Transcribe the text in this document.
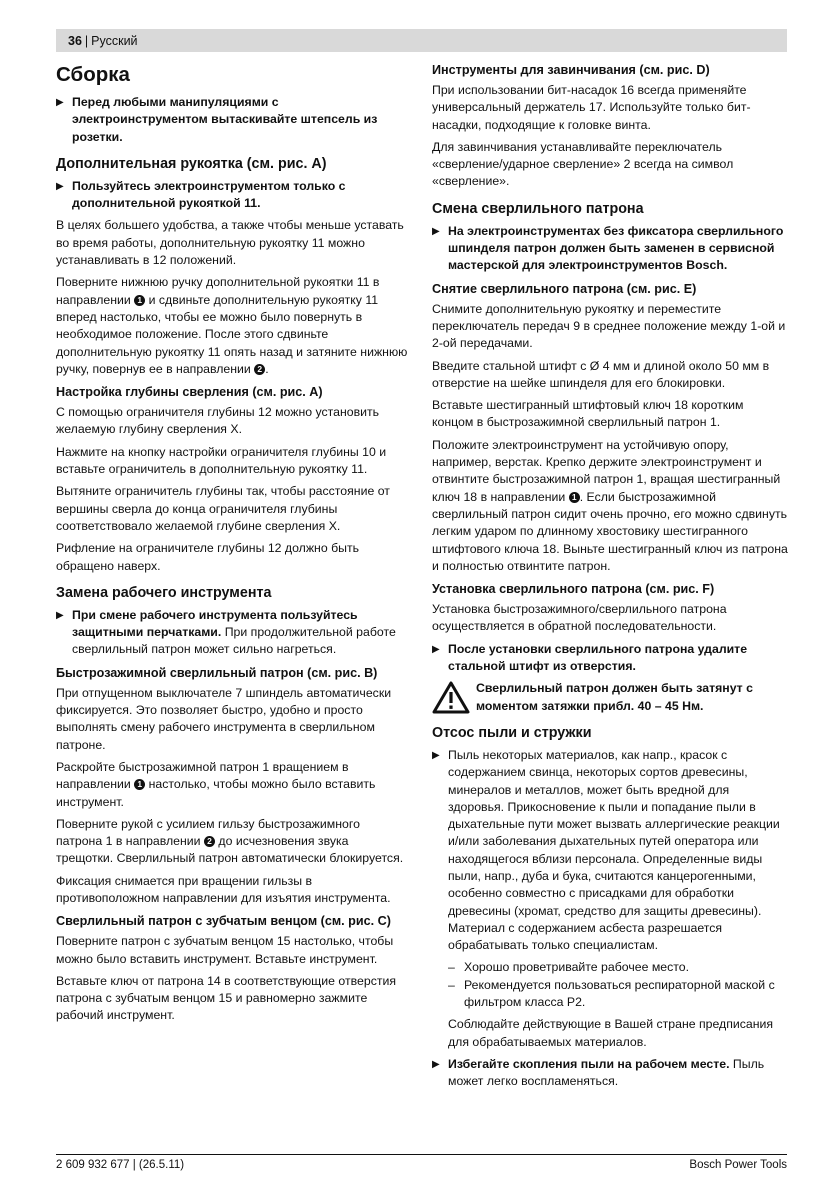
36 | Русский
Сборка
▶ Перед любыми манипуляциями с электроинструментом вытаскивайте штепсель из розетки.
Дополнительная рукоятка (см. рис. A)
▶ Пользуйтесь электроинструментом только с дополнительной рукояткой 11.

В целях большего удобства, а также чтобы меньше уставать во время работы, дополнительную рукоятку 11 можно устанавливать в 12 положений.

Поверните нижнюю ручку дополнительной рукоятки 11 в направлении 1 и сдвиньте дополнительную рукоятку 11 вперед настолько, чтобы ее можно было повернуть в необходимое положение. После этого сдвиньте дополнительную рукоятку 11 опять назад и затяните нижнюю ручку, повернув ее в направлении 2 .

Настройка глубины сверления (см. рис. A)

С помощью ограничителя глубины 12 можно установить желаемую глубину сверления X.

Нажмите на кнопку настройки ограничителя глубины 10 и вставьте ограничитель в дополнительную рукоятку 11.

Вытяните ограничитель глубины так, чтобы расстояние от вершины сверла до конца ограничителя глубины соответствовало желаемой глубине сверления X.

Рифление на ограничителе глубины 12 должно быть обращено наверх.

Замена рабочего инструмента
▶ При смене рабочего инструмента пользуйтесь защитными перчатками. При продолжительной работе сверлильный патрон может сильно нагреться.
Быстрозажимной сверлильный патрон (см. рис. B)

При отпущенном выключателе 7 шпиндель автоматически фиксируется. Это позволяет быстро, удобно и просто выполнять смену рабочего инструмента в сверлильном патроне.

Раскройте быстрозажимной патрон 1 вращением в направлении 1 настолько, чтобы можно было вставить инструмент.

Поверните рукой с усилием гильзу быстрозажимного патрона 1 в направлении 2 до исчезновения звука трещотки. Сверлильный патрон автоматически блокируется.

Фиксация снимается при вращении гильзы в противоположном направлении для изъятия инструмента.

Сверлильный патрон с зубчатым венцом (см. рис. C)

Поверните патрон с зубчатым венцом 15 настолько, чтобы можно было вставить инструмент. Вставьте инструмент.

Вставьте ключ от патрона 14 в соответствующие отверстия патрона с зубчатым венцом 15 и равномерно зажмите рабочий инструмент.

Инструменты для завинчивания (см. рис. D)

При использовании бит-насадок 16 всегда применяйте универсальный держатель 17. Используйте только бит-насадки, подходящие к головке винта.

Для завинчивания устанавливайте переключатель «сверление/ударное сверление» 2 всегда на символ «сверление».

Смена сверлильного патрона
▶ На электроинструментах без фиксатора сверлильного шпинделя патрон должен быть заменен в сервисной мастерской для электроинструментов Bosch.
Снятие сверлильного патрона (см. рис. E)

Снимите дополнительную рукоятку и переместите переключатель передач 9 в среднее положение между 1-ой и 2-ой передачами.

Введите стальной штифт с Ø 4 мм и длиной около 50 мм в отверстие на шейке шпинделя для его блокировки.

Вставьте шестигранный штифтовый ключ 18 коротким концом в быстрозажимной сверлильный патрон 1.

Положите электроинструмент на устойчивую опору, например, верстак. Крепко держите электроинструмент и отвинтите быстрозажимной патрон 1, вращая шестигранный ключ 18 в направлении 1 . Если быстрозажимной сверлильный патрон сидит очень прочно, его можно сдвинуть легким ударом по длинному хвостовику шестигранного штифтового ключа 18. Выньте шестигранный ключ из патрона и полностью отвинтите патрон.

Установка сверлильного патрона (см. рис. F)

Установка быстрозажимного/сверлильного патрона осуществляется в обратной последовательности.

▶ После установки сверлильного патрона удалите стальной штифт из отверстия.
Сверлильный патрон должен быть затянут с моментом затяжки прибл. 40 – 45 Нм.
Отсос пыли и стружки
▶ Пыль некоторых материалов, как напр., красок с содержанием свинца, некоторых сортов древесины, минералов и металлов, может быть вредной для здоровья. Прикосновение к пыли и попадание пыли в дыхательные пути может вызвать аллергические реакции и/или заболевания дыхательных путей оператора или находящегося вблизи персонала. Определенные виды пыли, напр., дуба и бука, считаются канцерогенными, особенно совместно с присадками для обработки древесины (хромат, средство для защиты древесины). Материал с содержанием асбеста разрешается обрабатывать только специалистам.
– Хорошо проветривайте рабочее место.
– Рекомендуется пользоваться респираторной маской с фильтром класса P2.

Соблюдайте действующие в Вашей стране предписания для обрабатываемых материалов.

▶ Избегайте скопления пыли на рабочем месте. Пыль может легко воспламеняться.
2 609 932 677 | (26.5.11)	Bosch Power Tools
